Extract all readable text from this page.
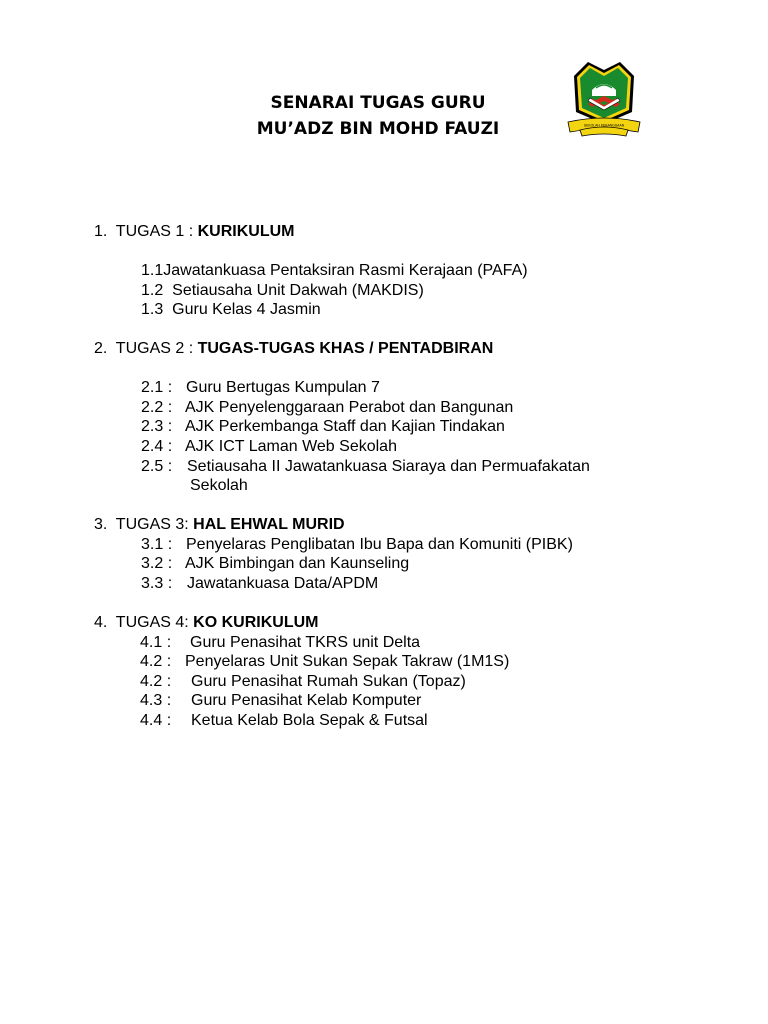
SENARAI TUGAS GURU
MU’ADZ BIN MOHD FAUZI	SEKOLAH KEBANGSAAN
1. TUGAS 1 : KURIKULUM
1.1Jawatankuasa Pentaksiran Rasmi Kerajaan (PAFA)
1.2 Setiausaha Unit Dakwah (MAKDIS)
1.3 Guru Kelas 4 Jasmin
2. TUGAS 2 : TUGAS-TUGAS KHAS / PENTADBIRAN
2.1 : Guru Bertugas Kumpulan 7
2.2 : AJK Penyelenggaraan Perabot dan Bangunan
2.3 : AJK Perkembanga Staff dan Kajian Tindakan
2.4 : AJK ICT Laman Web Sekolah
2.5 : Setiausaha II Jawatankuasa Siaraya dan Permuafakatan
Sekolah
3. TUGAS 3: HAL EHWAL MURID
3.1 : Penyelaras Penglibatan Ibu Bapa dan Komuniti (PIBK)
3.2 : AJK Bimbingan dan Kaunseling
3.3 : Jawatankuasa Data/APDM
4. TUGAS 4: KO KURIKULUM
4.1 : Guru Penasihat TKRS unit Delta
4.2 : Penyelaras Unit Sukan Sepak Takraw (1M1S)
4.2 : Guru Penasihat Rumah Sukan (Topaz)
4.3 : Guru Penasihat Kelab Komputer
4.4 : Ketua Kelab Bola Sepak & Futsal
